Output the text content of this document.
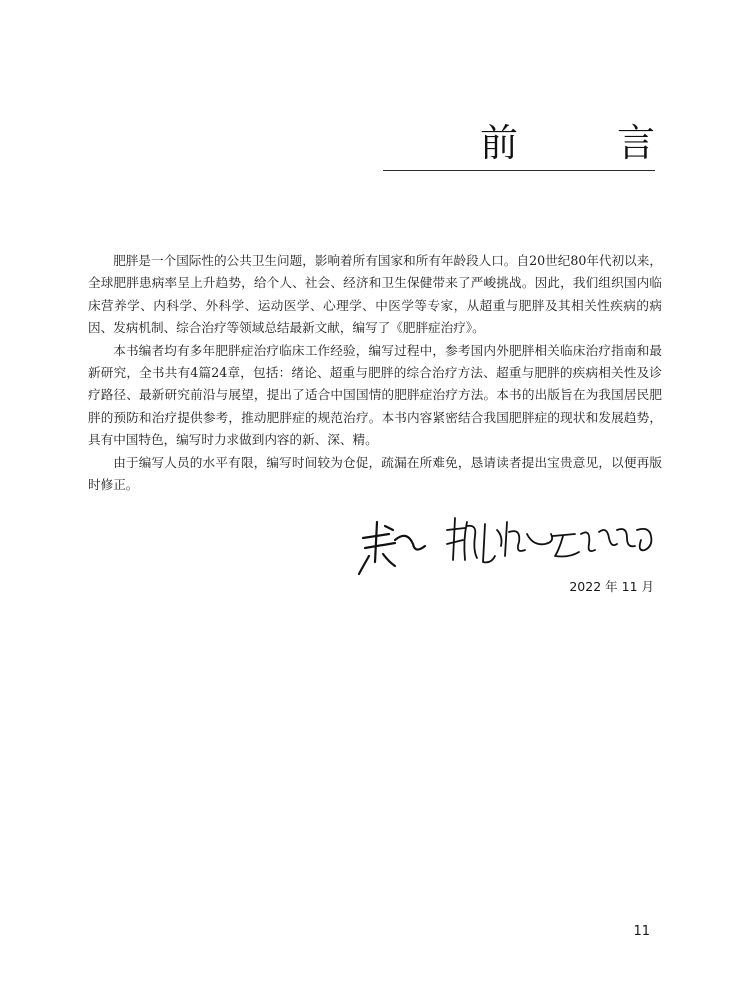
前	言

肥胖是一个国际性的公共卫生问题，影响着所有国家和所有年龄段人口。自20世纪80年代初以来，全球肥胖患病率呈上升趋势，给个人、社会、经济和卫生保健带来了严峻挑战。因此，我们组织国内临床营养学、内科学、外科学、运动医学、心理学、中医学等专家，从超重与肥胖及其相关性疾病的病因、发病机制、综合治疗等领域总结最新文献，编写了《肥胖症治疗》。

本书编者均有多年肥胖症治疗临床工作经验，编写过程中，参考国内外肥胖相关临床治疗指南和最新研究，全书共有4篇24章，包括：绪论、超重与肥胖的综合治疗方法、超重与肥胖的疾病相关性及诊疗路径、最新研究前沿与展望，提出了适合中国国情的肥胖症治疗方法。本书的出版旨在为我国居民肥胖的预防和治疗提供参考，推动肥胖症的规范治疗。本书内容紧密结合我国肥胖症的现状和发展趋势，具有中国特色，编写时力求做到内容的新、深、精。

由于编写人员的水平有限，编写时间较为仓促，疏漏在所难免，恳请读者提出宝贵意见，以便再版时修正。

2022 年 11 月
11
